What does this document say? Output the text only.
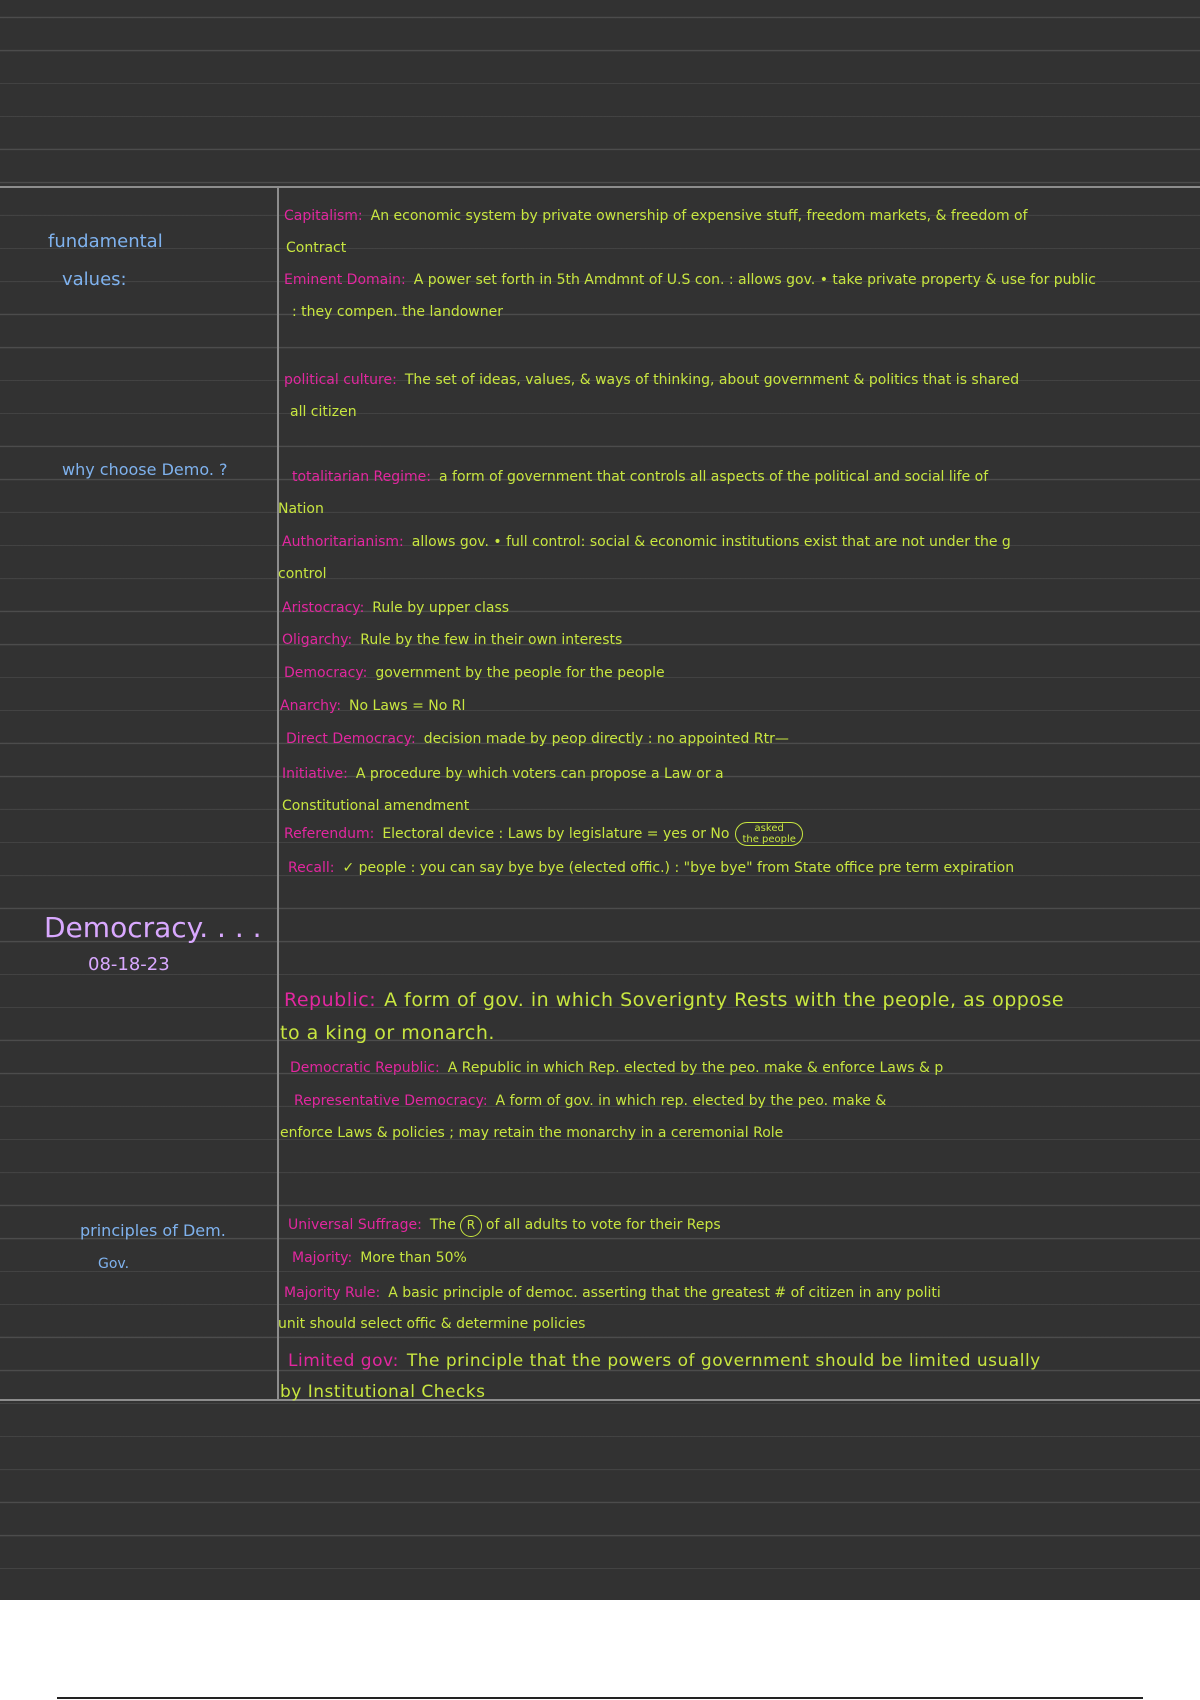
fundamental
values:
why choose Demo. ?
Democracy. . . .
08-18-23
principles of Dem.
Gov.
Capitalism: An economic system by private ownership of expensive stuff, freedom markets, & freedom of
Contract
Eminent Domain: A power set forth in 5th Amdmnt of U.S con. : allows gov. • take private property & use for public
: they compen. the landowner
political culture: The set of ideas, values, & ways of thinking, about government & politics that is shared
all citizen
totalitarian Regime: a form of government that controls all aspects of the political and social life of
Nation
Authoritarianism: allows gov. • full control: social & economic institutions exist that are not under the g
control
Aristocracy: Rule by upper class
Oligarchy: Rule by the few in their own interests
Democracy: government by the people for the people
Anarchy: No Laws = No Rl
Direct Democracy: decision made by peop directly : no appointed Rtr—
Initiative: A procedure by which voters can propose a Law or a
Constitutional amendment
Referendum: Electoral device : Laws by legislature = yes or No	asked
the people
Recall: ✓ people : you can say bye bye (elected offic.) : "bye bye" from State office pre term expiration
Republic: A form of gov. in which Soverignty Rests with the people, as oppose
to a king or monarch.
Democratic Republic: A Republic in which Rep. elected by the peo. make & enforce Laws & p
Representative Democracy: A form of gov. in which rep. elected by the peo. make &
enforce Laws & policies ; may retain the monarchy in a ceremonial Role
Universal Suffrage: The R of all adults to vote for their Reps
Majority: More than 50%
Majority Rule: A basic principle of democ. asserting that the greatest # of citizen in any politi
unit should select offic & determine policies
Limited gov: The principle that the powers of government should be limited usually
by Institutional Checks
